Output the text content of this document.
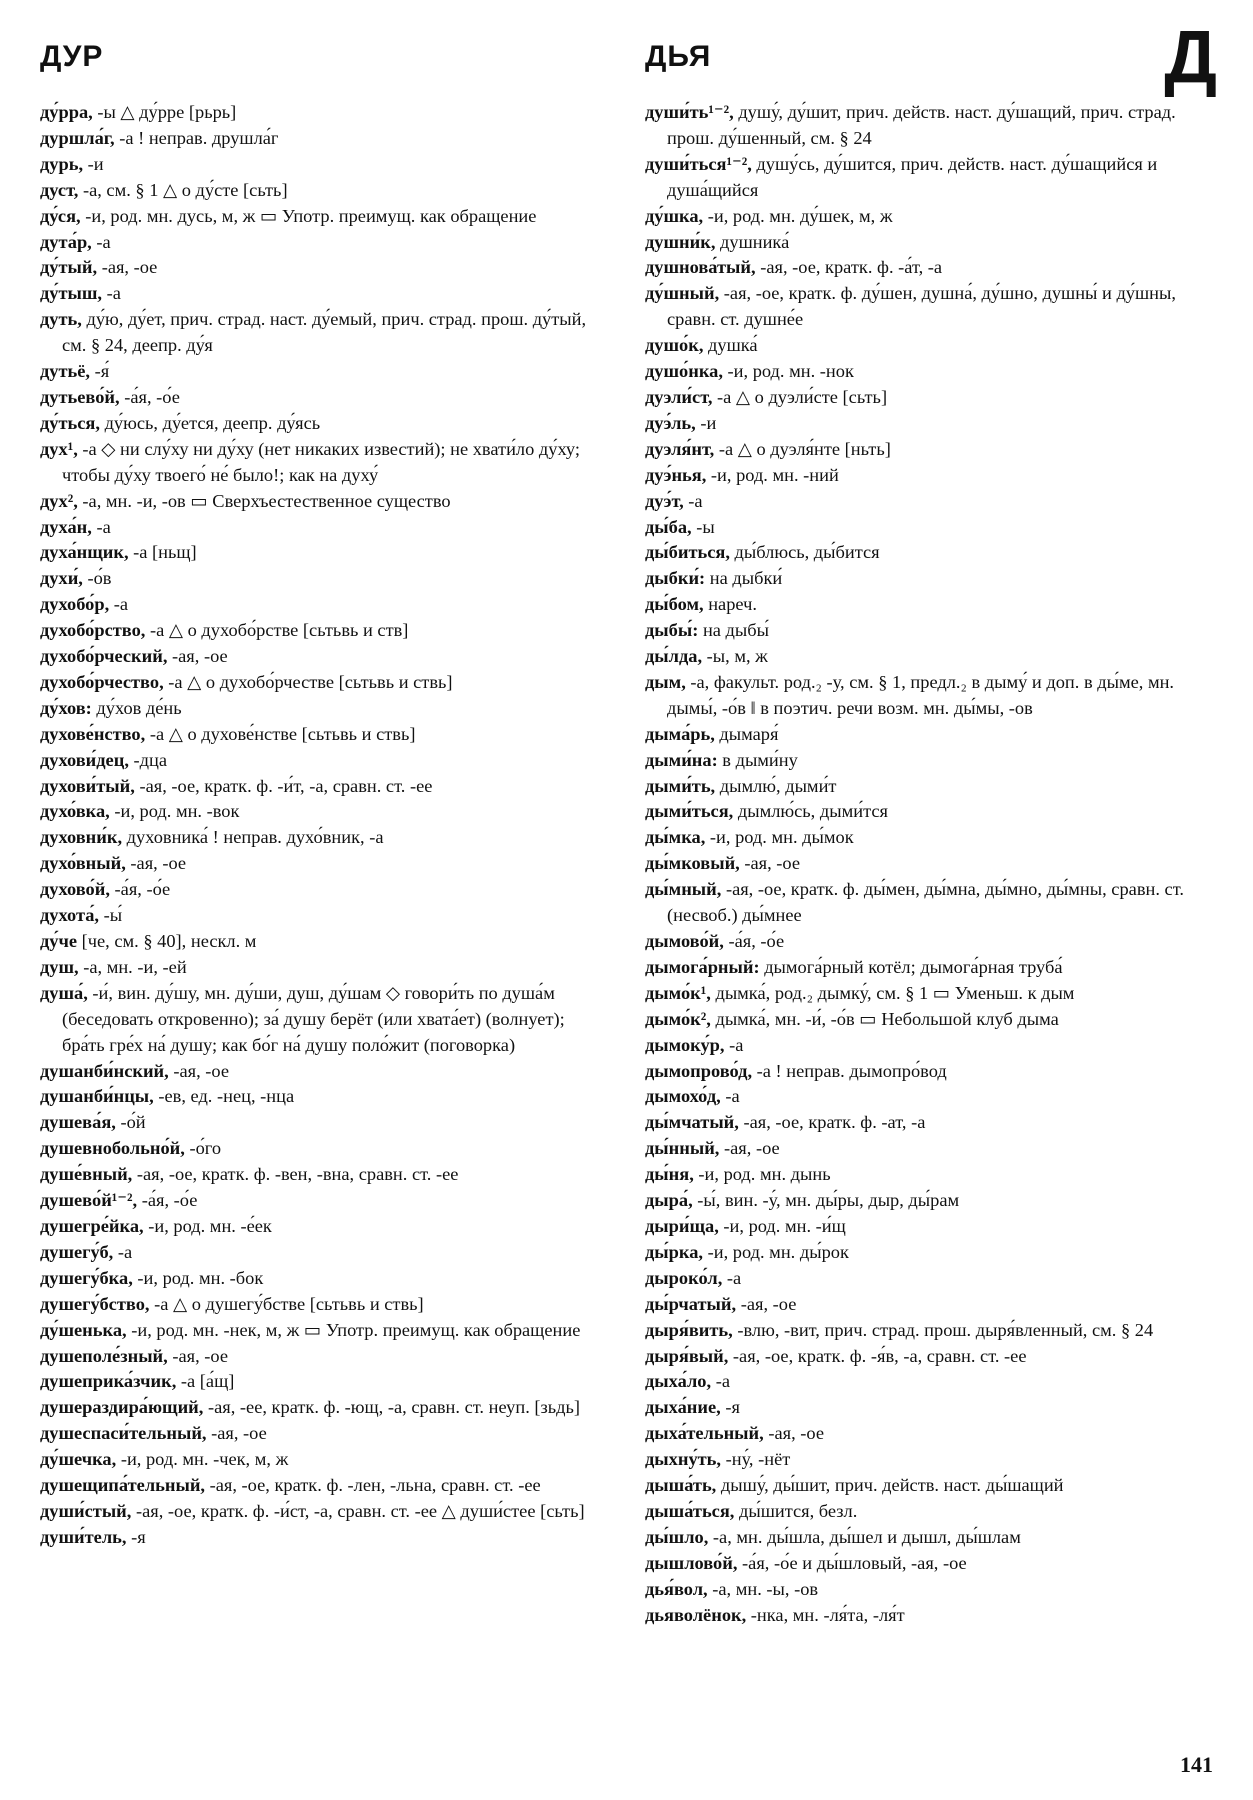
ДУР	ДЬЯ	Д

ду́рра, -ы △ ду́рре [рьрь]

дуршла́г, -а ! неправ. друшла́г

дурь, -и

дуст, -а, см. § 1 △ о ду́сте [сьть]

ду́ся, -и, род. мн. дусь, м, ж ▭ Употр. преимущ. как обращение

дута́р, -а

ду́тый, -ая, -ое

ду́тыш, -а

дуть, ду́ю, ду́ет, прич. страд. наст. ду́емый, прич. страд. прош. ду́тый, см. § 24, деепр. ду́я

дутьё, -я́

дутьево́й, -а́я, -о́е

ду́ться, ду́юсь, ду́ется, деепр. ду́ясь

дух¹, -а ◇ ни слу́ху ни ду́ху (нет никаких известий); не хвати́ло ду́ху; чтобы ду́ху твоего́ не́ было!; как на духу́

дух², -а, мн. -и, -ов ▭ Сверхъестественное существо

духа́н, -а

духа́нщик, -а [ньщ]

духи́, -о́в

духобо́р, -а

духобо́рство, -а △ о духобо́рстве [сьтьвь и ств]

духобо́рческий, -ая, -ое

духобо́рчество, -а △ о духобо́рчестве [сьтьвь и ствь]

ду́хов: ду́хов де́нь

духове́нство, -а △ о духове́нстве [сьтьвь и ствь]

духови́дец, -дца

духови́тый, -ая, -ое, кратк. ф. -и́т, -а, сравн. ст. -ее

духо́вка, -и, род. мн. -вок

духовни́к, духовника́ ! неправ. духо́вник, -а

духо́вный, -ая, -ое

духово́й, -а́я, -о́е

духота́, -ы́

ду́че [че, см. § 40], нескл. м

душ, -а, мн. -и, -ей

душа́, -и́, вин. ду́шу, мн. ду́ши, душ, ду́шам ◇ говори́ть по душа́м (беседовать откровенно); за́ душу берёт (или хвата́ет) (волнует); бра́ть гре́х на́ душу; как бо́г на́ душу поло́жит (поговорка)

душанби́нский, -ая, -ое

душанби́нцы, -ев, ед. -нец, -нца

душева́я, -о́й

душевнобольно́й, -о́го

душе́вный, -ая, -ое, кратк. ф. -вен, -вна, сравн. ст. -ее

душево́й¹⁻², -а́я, -о́е

душегре́йка, -и, род. мн. -е́ек

душегу́б, -а

душегу́бка, -и, род. мн. -бок

душегу́бство, -а △ о душегу́бстве [сьтьвь и ствь]

ду́шенька, -и, род. мн. -нек, м, ж ▭ Употр. преимущ. как обращение

душеполе́зный, -ая, -ое

душеприка́зчик, -а [а́щ]

душераздира́ющий, -ая, -ее, кратк. ф. -ющ, -а, сравн. ст. неуп. [зьдь]

душеспаси́тельный, -ая, -ое

ду́шечка, -и, род. мн. -чек, м, ж

душещипа́тельный, -ая, -ое, кратк. ф. -лен, -льна, сравн. ст. -ее

души́стый, -ая, -ое, кратк. ф. -и́ст, -а, сравн. ст. -ее △ души́стее [сьть]

души́тель, -я

души́ть¹⁻², душу́, ду́шит, прич. действ. наст. ду́шащий, прич. страд. прош. ду́шенный, см. § 24

души́ться¹⁻², душу́сь, ду́шится, прич. действ. наст. ду́шащийся и душа́щийся

ду́шка, -и, род. мн. ду́шек, м, ж

душни́к, душника́

душнова́тый, -ая, -ое, кратк. ф. -а́т, -а

ду́шный, -ая, -ое, кратк. ф. ду́шен, душна́, ду́шно, душны́ и ду́шны, сравн. ст. душне́е

душо́к, душка́

душо́нка, -и, род. мн. -нок

дуэли́ст, -а △ о дуэли́сте [сьть]

дуэ́ль, -и

дуэля́нт, -а △ о дуэля́нте [ньть]

дуэ́нья, -и, род. мн. -ний

дуэ́т, -а

ды́ба, -ы

ды́биться, ды́блюсь, ды́бится

дыбки́: на дыбки́

ды́бом, нареч.

дыбы́: на дыбы́

ды́лда, -ы, м, ж

дым, -а, факульт. род.₂ -у, см. § 1, предл.₂ в дыму́ и доп. в ды́ме, мн. дымы́, -о́в ‖ в поэтич. речи возм. мн. ды́мы, -ов

дыма́рь, дымаря́

дыми́на: в дыми́ну

дыми́ть, дымлю́, дыми́т

дыми́ться, дымлю́сь, дыми́тся

ды́мка, -и, род. мн. ды́мок

ды́мковый, -ая, -ое

ды́мный, -ая, -ое, кратк. ф. ды́мен, ды́мна, ды́мно, ды́мны, сравн. ст. (несвоб.) ды́мнее

дымово́й, -а́я, -о́е

дымога́рный: дымога́рный котёл; дымога́рная труба́

дымо́к¹, дымка́, род.₂ дымку́, см. § 1 ▭ Уменьш. к дым

дымо́к², дымка́, мн. -и́, -о́в ▭ Небольшой клуб дыма

дымоку́р, -а

дымопрово́д, -а ! неправ. дымопро́вод

дымохо́д, -а

ды́мчатый, -ая, -ое, кратк. ф. -ат, -а

ды́нный, -ая, -ое

ды́ня, -и, род. мн. дынь

дыра́, -ы́, вин. -у́, мн. ды́ры, дыр, ды́рам

дыри́ща, -и, род. мн. -и́щ

ды́рка, -и, род. мн. ды́рок

дыроко́л, -а

ды́рчатый, -ая, -ое

дыря́вить, -влю, -вит, прич. страд. прош. дыря́вленный, см. § 24

дыря́вый, -ая, -ое, кратк. ф. -я́в, -а, сравн. ст. -ее

дыха́ло, -а

дыха́ние, -я

дыха́тельный, -ая, -ое

дыхну́ть, -ну́, -нёт

дыша́ть, дышу́, ды́шит, прич. действ. наст. ды́шащий

дыша́ться, ды́шится, безл.

ды́шло, -а, мн. ды́шла, ды́шел и дышл, ды́шлам

дышлово́й, -а́я, -о́е и ды́шловый, -ая, -ое

дья́вол, -а, мн. -ы, -ов

дьяволёнок, -нка, мн. -ля́та, -ля́т

141
